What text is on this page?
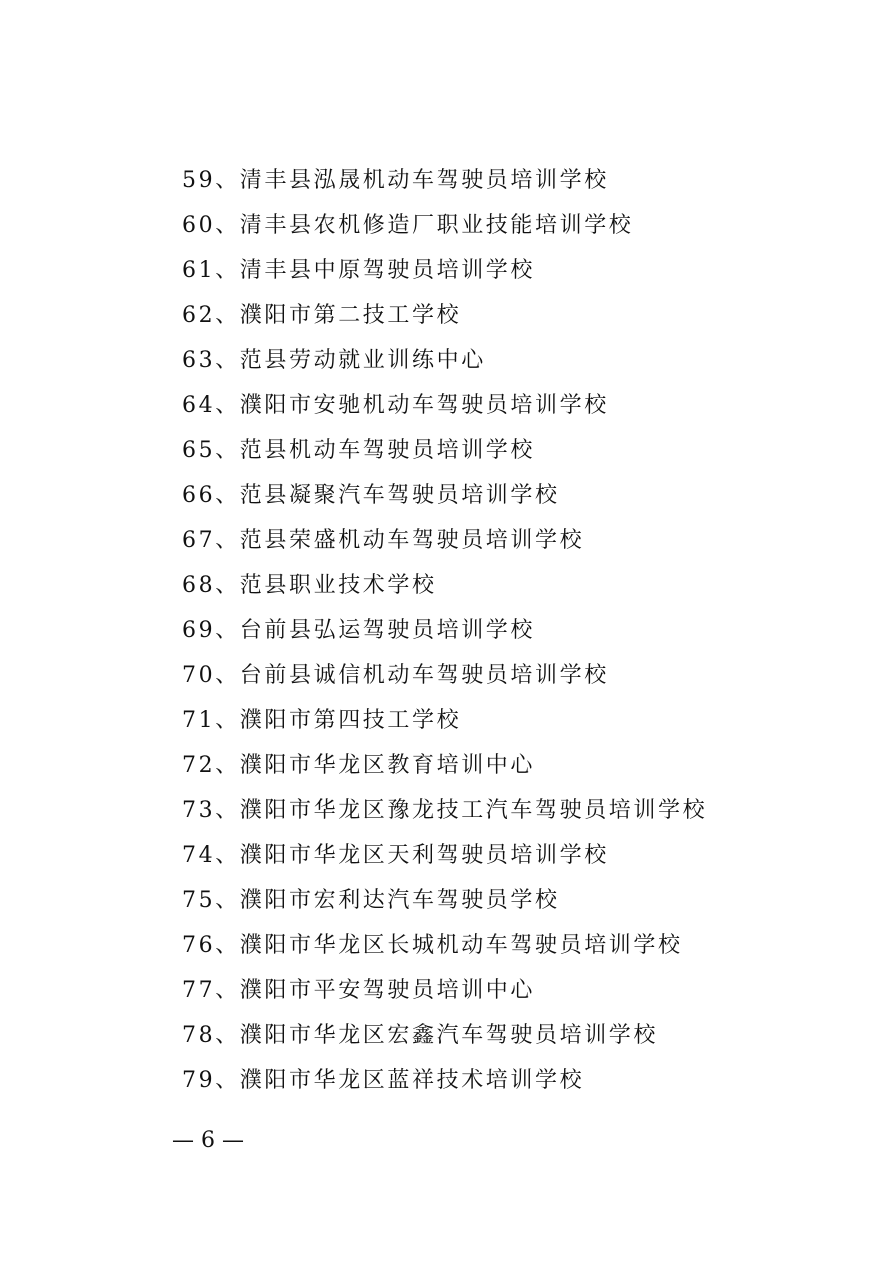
59、清丰县泓晟机动车驾驶员培训学校
60、清丰县农机修造厂职业技能培训学校
61、清丰县中原驾驶员培训学校
62、濮阳市第二技工学校
63、范县劳动就业训练中心
64、濮阳市安驰机动车驾驶员培训学校
65、范县机动车驾驶员培训学校
66、范县凝聚汽车驾驶员培训学校
67、范县荣盛机动车驾驶员培训学校
68、范县职业技术学校
69、台前县弘运驾驶员培训学校
70、台前县诚信机动车驾驶员培训学校
71、濮阳市第四技工学校
72、濮阳市华龙区教育培训中心
73、濮阳市华龙区豫龙技工汽车驾驶员培训学校
74、濮阳市华龙区天利驾驶员培训学校
75、濮阳市宏利达汽车驾驶员学校
76、濮阳市华龙区长城机动车驾驶员培训学校
77、濮阳市平安驾驶员培训中心
78、濮阳市华龙区宏鑫汽车驾驶员培训学校
79、濮阳市华龙区蓝祥技术培训学校
— 6 —
